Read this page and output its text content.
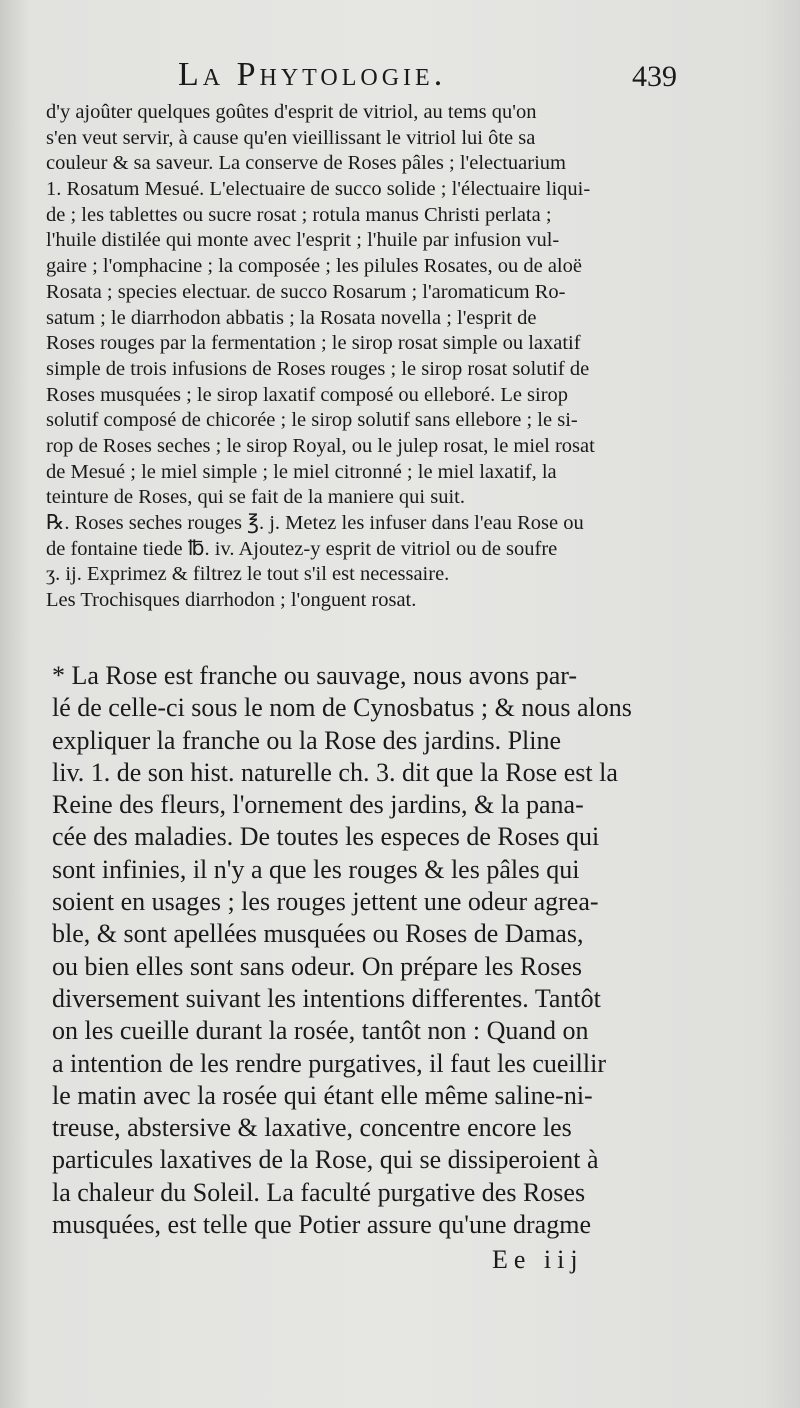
La Phytologie.	439
d'y ajoûter quelques goûtes d'esprit de vitriol, au tems qu'on
s'en veut servir, à cause qu'en vieillissant le vitriol lui ôte sa
couleur & sa saveur. La conserve de Roses pâles ; l'electuarium
1. Rosatum Mesué. L'electuaire de succo solide ; l'électuaire liqui-
de ; les tablettes ou sucre rosat ; rotula manus Christi perlata ;
l'huile distilée qui monte avec l'esprit ; l'huile par infusion vul-
gaire ; l'omphacine ; la composée ; les pilules Rosates, ou de aloë
Rosata ; species electuar. de succo Rosarum ; l'aromaticum Ro-
satum ; le diarrhodon abbatis ; la Rosata novella ; l'esprit de
Roses rouges par la fermentation ; le sirop rosat simple ou laxatif
simple de trois infusions de Roses rouges ; le sirop rosat solutif de
Roses musquées ; le sirop laxatif composé ou elleboré. Le sirop
solutif composé de chicorée ; le sirop solutif sans ellebore ; le si-
rop de Roses seches ; le sirop Royal, ou le julep rosat, le miel rosat
de Mesué ; le miel simple ; le miel citronné ; le miel laxatif, la
teinture de Roses, qui se fait de la maniere qui suit.
℞. Roses seches rouges ℥. j. Metez les infuser dans l'eau Rose ou
de fontaine tiede ℔. iv. Ajoutez-y esprit de vitriol ou de soufre
ʒ. ij. Exprimez & filtrez le tout s'il est necessaire.
Les Trochisques diarrhodon ; l'onguent rosat.
* La Rose est franche ou sauvage, nous avons par-
lé de celle-ci sous le nom de Cynosbatus ; & nous alons
expliquer la franche ou la Rose des jardins. Pline
liv. 1. de son hist. naturelle ch. 3. dit que la Rose est la
Reine des fleurs, l'ornement des jardins, & la pana-
cée des maladies. De toutes les especes de Roses qui
sont infinies, il n'y a que les rouges & les pâles qui
soient en usages ; les rouges jettent une odeur agrea-
ble, & sont apellées musquées ou Roses de Damas,
ou bien elles sont sans odeur. On prépare les Roses
diversement suivant les intentions differentes. Tantôt
on les cueille durant la rosée, tantôt non : Quand on
a intention de les rendre purgatives, il faut les cueillir
le matin avec la rosée qui étant elle même saline-ni-
treuse, abstersive & laxative, concentre encore les
particules laxatives de la Rose, qui se dissiperoient à
la chaleur du Soleil. La faculté purgative des Roses
musquées, est telle que Potier assure qu'une dragme
Ee iij
